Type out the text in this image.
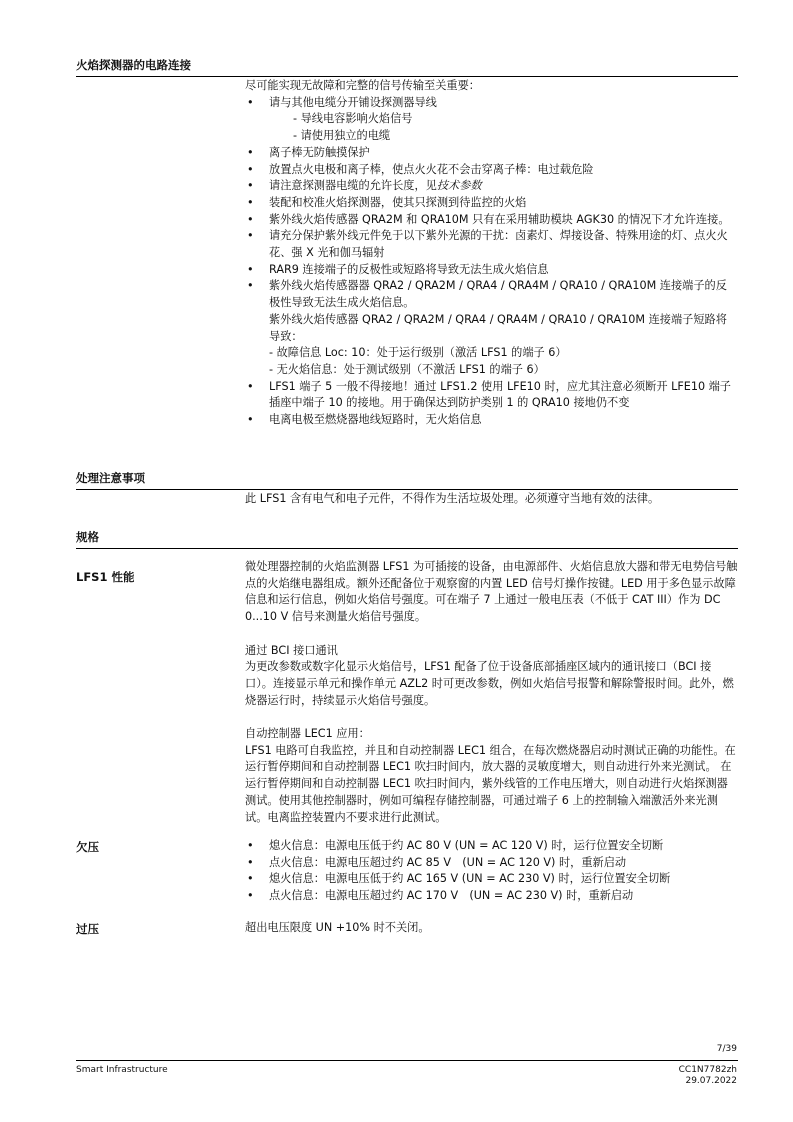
火焰探测器的电路连接
尽可能实现无故障和完整的信号传输至关重要：
• 请与其他电缆分开铺设探测器导线
- 导线电容影响火焰信号
- 请使用独立的电缆
• 离子棒无防触摸保护
• 放置点火电极和离子棒，使点火火花不会击穿离子棒：电过载危险
• 请注意探测器电缆的允许长度，见技术参数
• 装配和校准火焰探测器，使其只探测到待监控的火焰
• 紫外线火焰传感器 QRA2M 和 QRA10M 只有在采用辅助模块 AGK30 的情况下才允许连接。
• 请充分保护紫外线元件免于以下紫外光源的干扰：卤素灯、焊接设备、特殊用途的灯、点火火花、强 X 光和伽马辐射
• RAR9 连接端子的反极性或短路将导致无法生成火焰信息
• 紫外线火焰传感器器 QRA2 / QRA2M / QRA4 / QRA4M / QRA10 / QRA10M 连接端子的反极性导致无法生成火焰信息。
紫外线火焰传感器 QRA2 / QRA2M / QRA4 / QRA4M / QRA10 / QRA10M 连接端子短路将导致：
- 故障信息 Loc: 10：处于运行级别（激活 LFS1 的端子 6）
- 无火焰信息：处于测试级别（不激活 LFS1 的端子 6）
• LFS1 端子 5 一般不得接地！通过 LFS1.2 使用 LFE10 时，应尤其注意必须断开 LFE10 端子插座中端子 10 的接地。用于确保达到防护类别 1 的 QRA10 接地仍不变
• 电离电极至燃烧器地线短路时，无火焰信息
处理注意事项
此 LFS1 含有电气和电子元件，不得作为生活垃圾处理。必须遵守当地有效的法律。
规格
LFS1 性能

微处理器控制的火焰监测器 LFS1 为可插接的设备，由电源部件、火焰信息放大器和带无电势信号触点的火焰继电器组成。额外还配备位于观察窗的内置 LED 信号灯操作按键。LED 用于多色显示故障信息和运行信息，例如火焰信号强度。可在端子 7 上通过一般电压表（不低于 CAT III）作为 DC 0...10 V 信号来测量火焰信号强度。

通过 BCI 接口通讯

为更改参数或数字化显示火焰信号，LFS1 配备了位于设备底部插座区域内的通讯接口（BCI 接口）。连接显示单元和操作单元 AZL2 时可更改参数，例如火焰信号报警和解除警报时间。此外，燃烧器运行时，持续显示火焰信号强度。

自动控制器 LEC1 应用：

LFS1 电路可自我监控，并且和自动控制器 LEC1 组合，在每次燃烧器启动时测试正确的功能性。在运行暂停期间和自动控制器 LEC1 吹扫时间内，放大器的灵敏度增大，则自动进行外来光测试。 在运行暂停期间和自动控制器 LEC1 吹扫时间内，紫外线管的工作电压增大，则自动进行火焰探测器测试。使用其他控制器时，例如可编程存储控制器，可通过端子 6 上的控制输入端激活外来光测试。电离监控装置内不要求进行此测试。

欠压	• 熄火信息：电源电压低于约 AC 80 V (UN = AC 120 V) 时，运行位置安全切断
• 点火信息：电源电压超过约 AC 85 V　(UN = AC 120 V) 时，重新启动
• 熄火信息：电源电压低于约 AC 165 V (UN = AC 230 V) 时，运行位置安全切断
• 点火信息：电源电压超过约 AC 170 V　(UN = AC 230 V) 时，重新启动
过压	超出电压限度 UN +10% 时不关闭。
7/39
Smart Infrastructure	CC1N7782zh
29.07.2022
